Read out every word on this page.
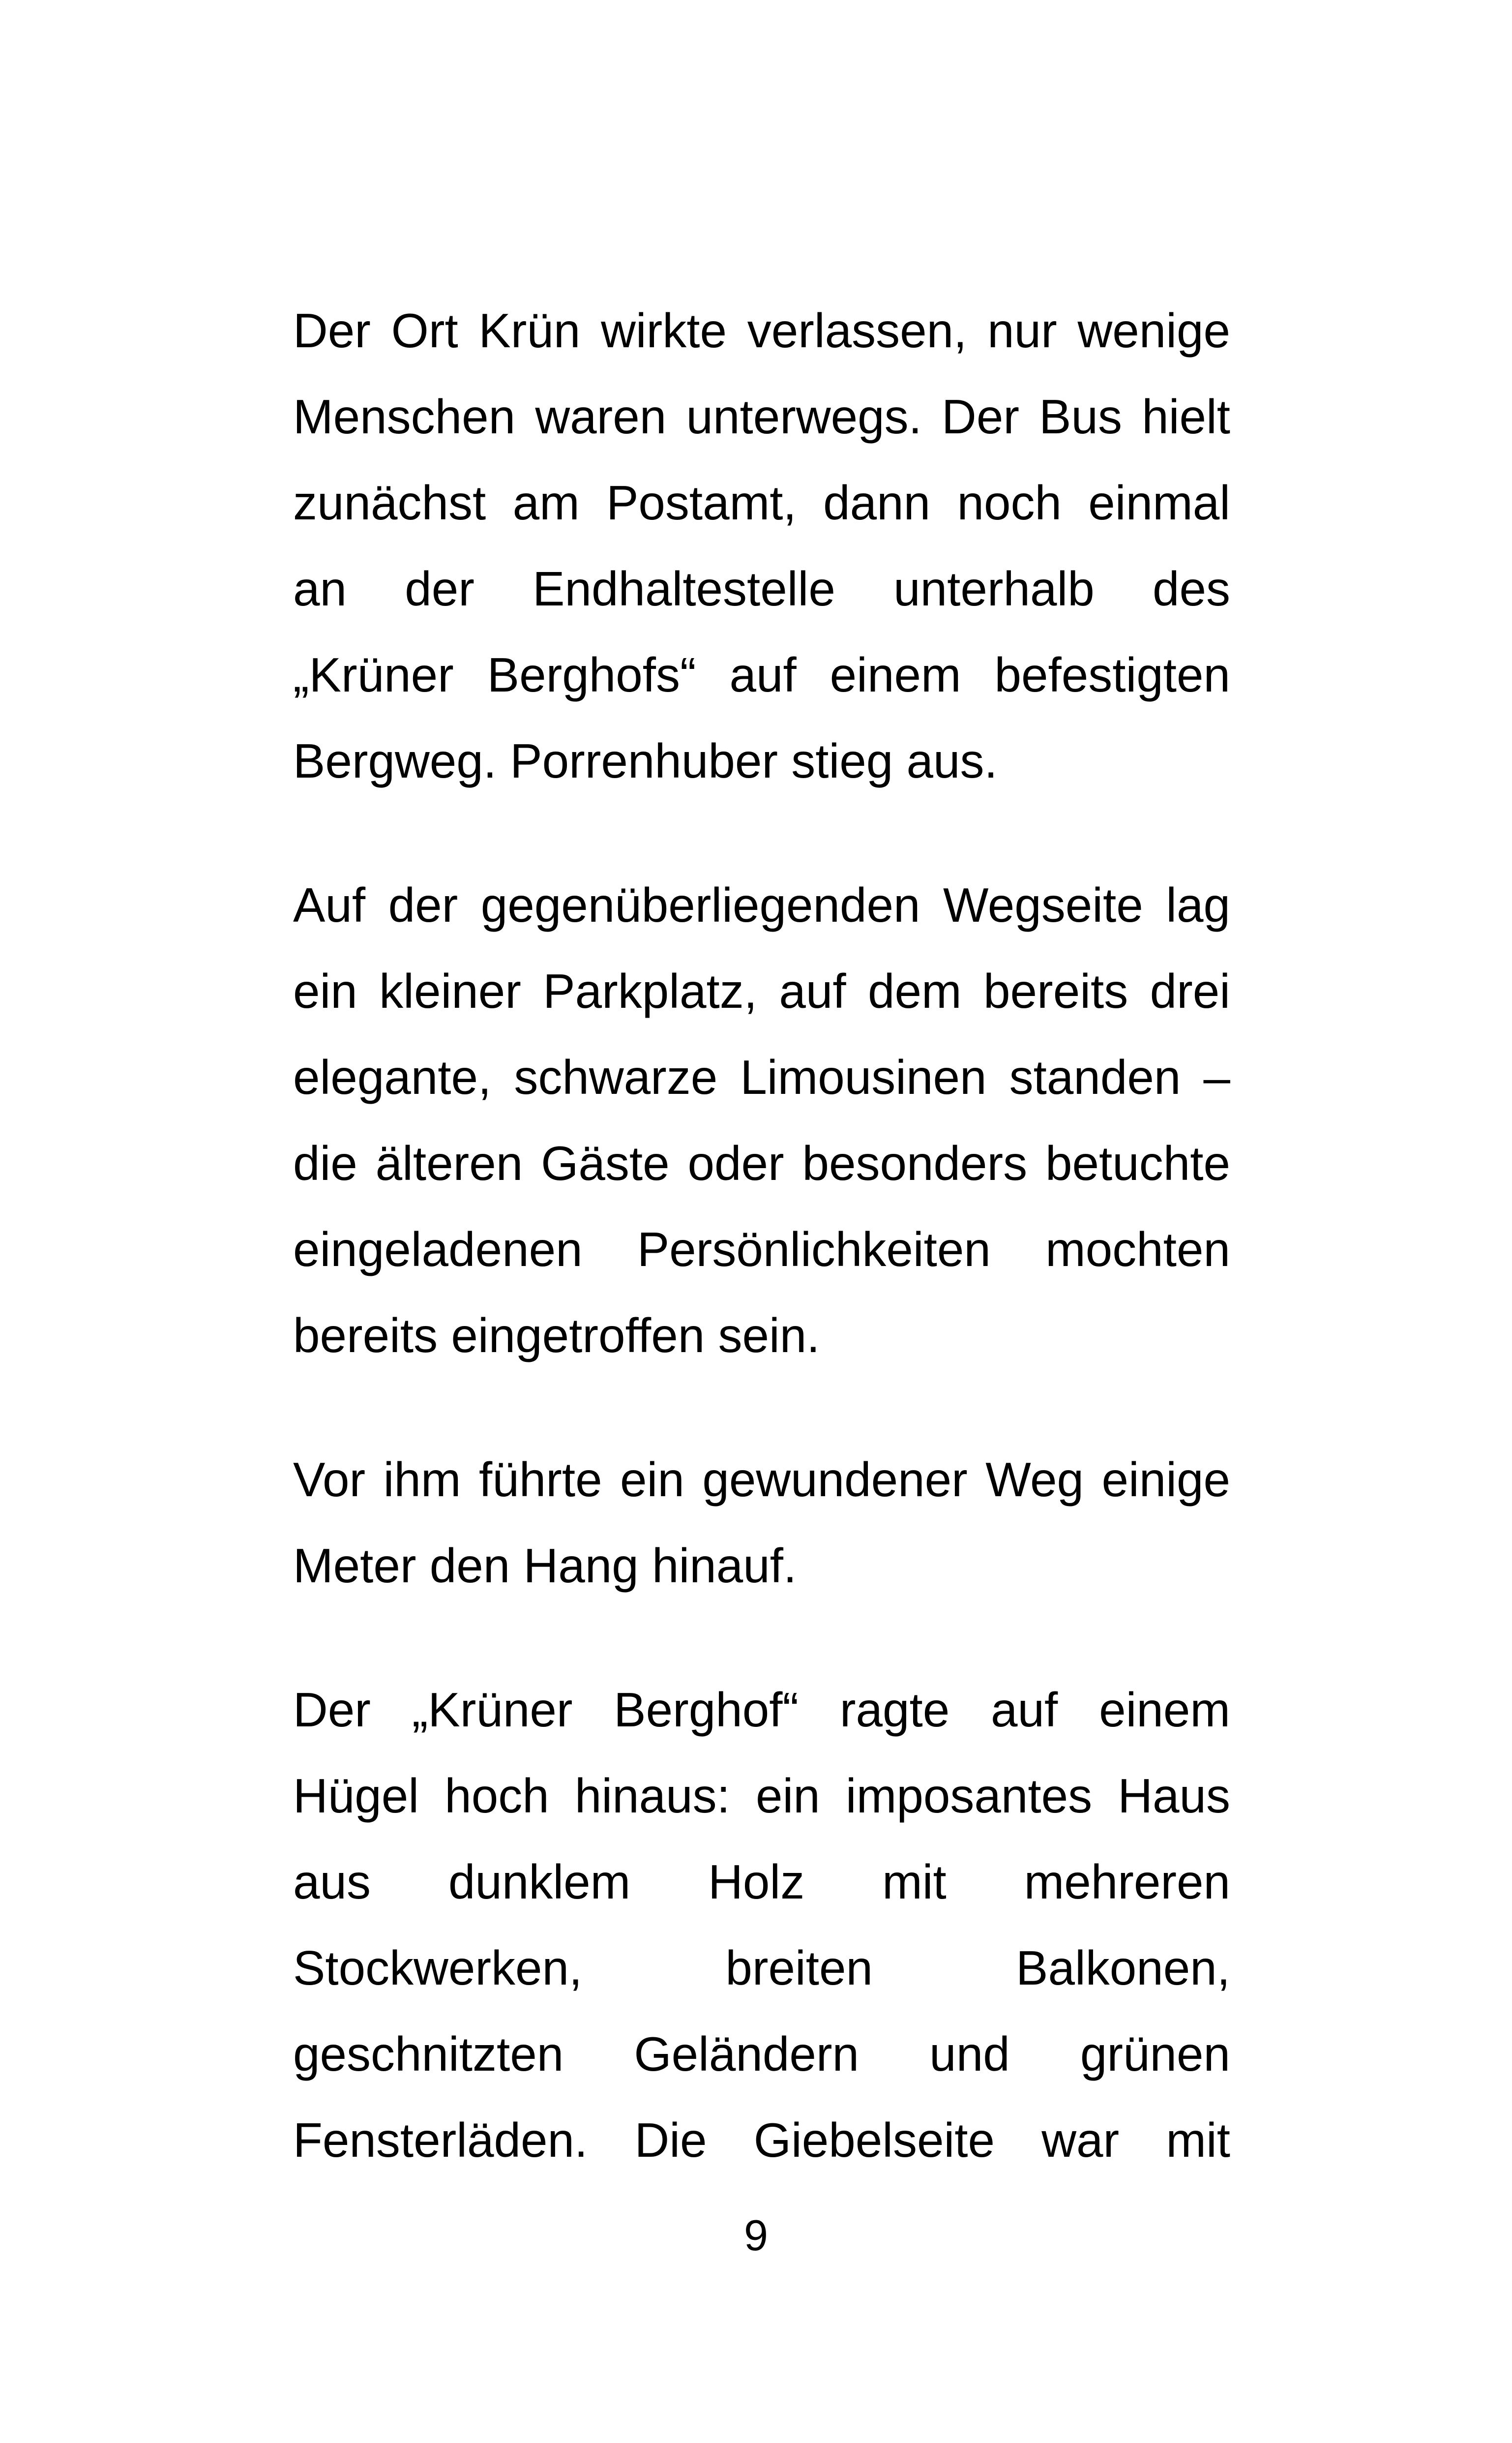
Der Ort Krün wirkte verlassen, nur wenige
Menschen waren unterwegs. Der Bus hielt
zunächst am Postamt, dann noch einmal
an der Endhaltestelle unterhalb des
„Krüner Berghofs“ auf einem befestigten
Bergweg. Porrenhuber stieg aus.

Auf der gegenüberliegenden Wegseite lag
ein kleiner Parkplatz, auf dem bereits drei
elegante, schwarze Limousinen standen –
die älteren Gäste oder besonders betuchte
eingeladenen Persönlichkeiten mochten
bereits eingetroffen sein.

Vor ihm führte ein gewundener Weg einige
Meter den Hang hinauf.

Der „Krüner Berghof“ ragte auf einem
Hügel hoch hinaus: ein imposantes Haus
aus dunklem Holz mit mehreren
Stockwerken, breiten Balkonen,
geschnitzten Geländern und grünen
Fensterläden. Die Giebelseite war mit

9
